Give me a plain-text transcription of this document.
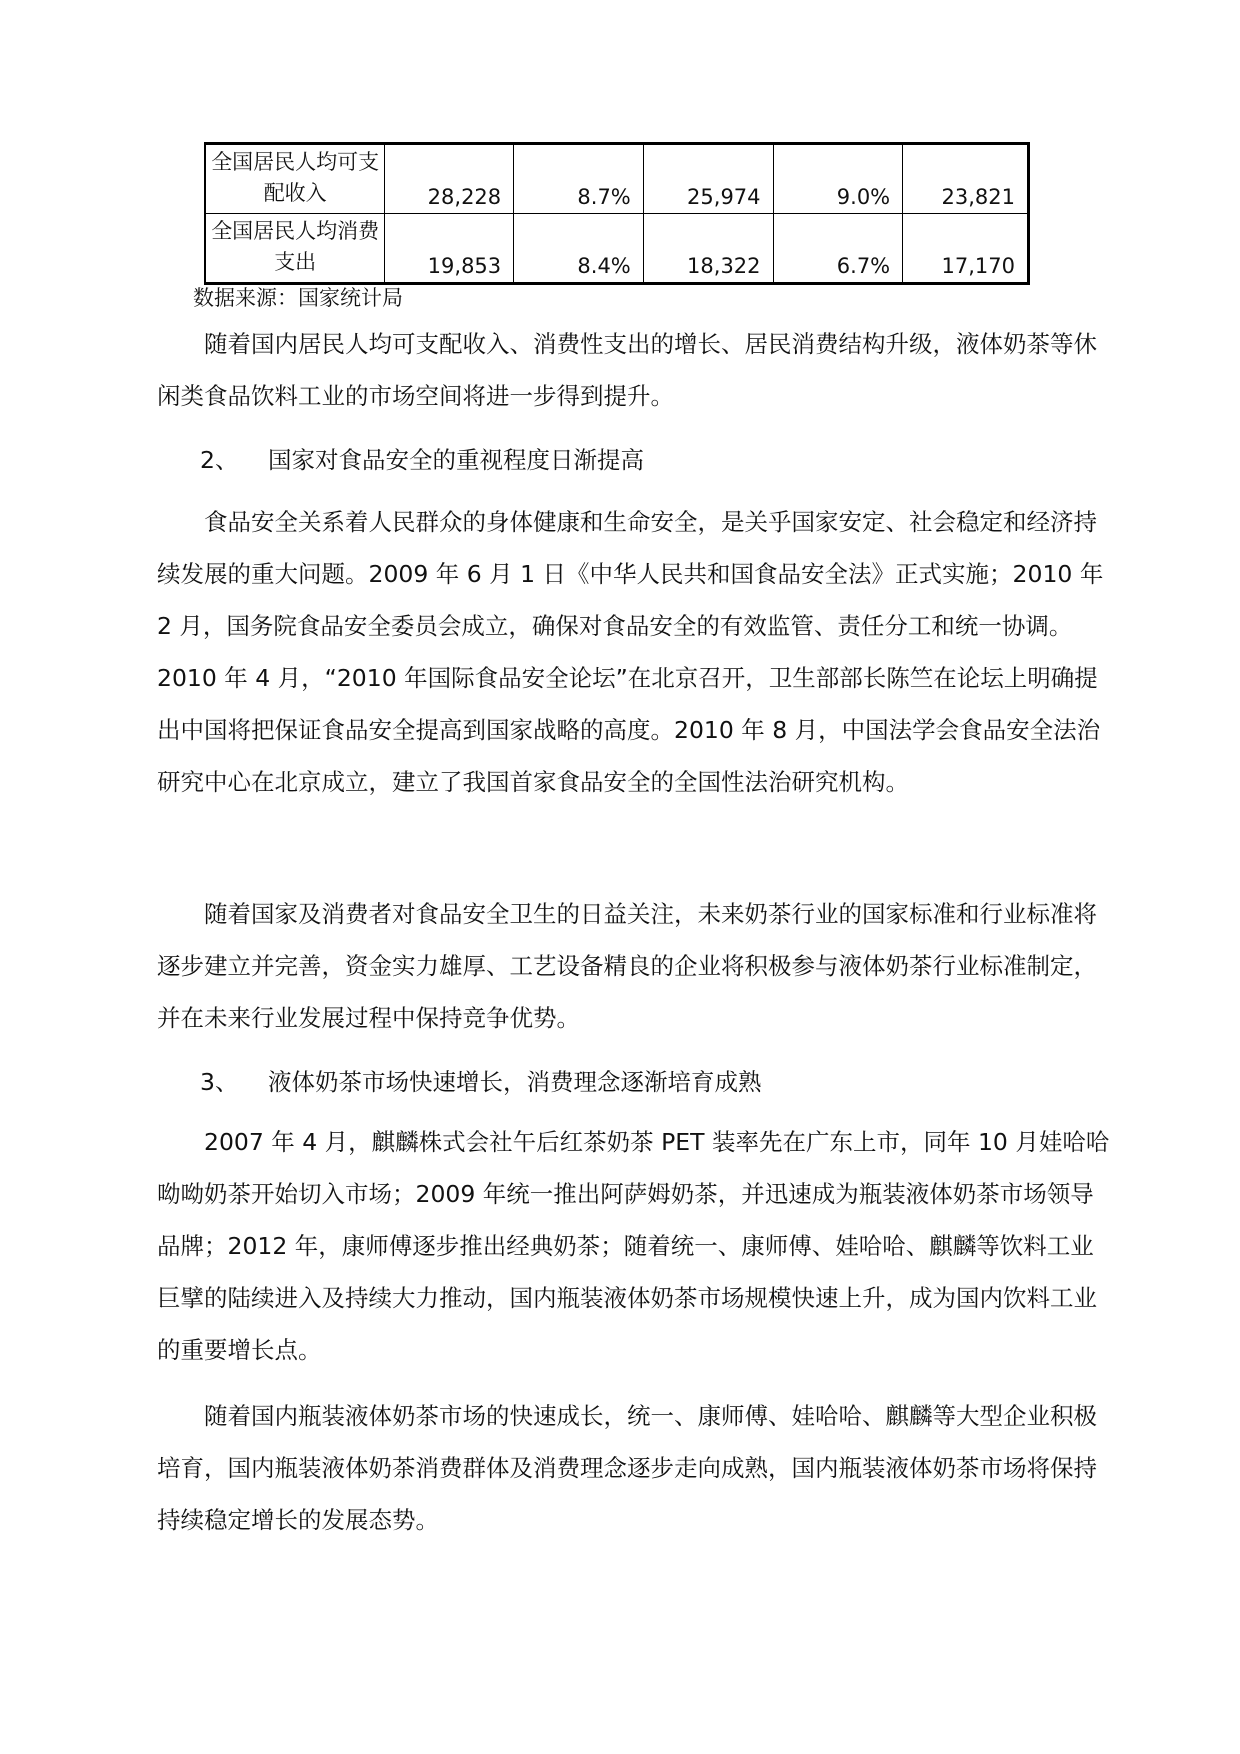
全国居民人均可支配收入	28,228	8.7%	25,974	9.0%	23,821
全国居民人均消费支出	19,853	8.4%	18,322	6.7%	17,170
数据来源：国家统计局

随着国内居民人均可支配收入、消费性支出的增长、居民消费结构升级，液体奶茶等休闲类食品饮料工业的市场空间将进一步得到提升。

2、 国家对食品安全的重视程度日渐提高

食品安全关系着人民群众的身体健康和生命安全，是关乎国家安定、社会稳定和经济持续发展的重大问题。2009 年 6 月 1 日《中华人民共和国食品安全法》正式实施；2010 年 2 月，国务院食品安全委员会成立，确保对食品安全的有效监管、责任分工和统一协调。2010 年 4 月，“2010 年国际食品安全论坛”在北京召开，卫生部部长陈竺在论坛上明确提出中国将把保证食品安全提高到国家战略的高度。2010 年 8 月，中国法学会食品安全法治研究中心在北京成立，建立了我国首家食品安全的全国性法治研究机构。

随着国家及消费者对食品安全卫生的日益关注，未来奶茶行业的国家标准和行业标准将逐步建立并完善，资金实力雄厚、工艺设备精良的企业将积极参与液体奶茶行业标准制定，并在未来行业发展过程中保持竞争优势。

3、 液体奶茶市场快速增长，消费理念逐渐培育成熟

2007 年 4 月，麒麟株式会社午后红茶奶茶 PET 装率先在广东上市，同年 10 月娃哈哈呦呦奶茶开始切入市场；2009 年统一推出阿萨姆奶茶，并迅速成为瓶装液体奶茶市场领导品牌；2012 年，康师傅逐步推出经典奶茶；随着统一、康师傅、娃哈哈、麒麟等饮料工业巨擘的陆续进入及持续大力推动，国内瓶装液体奶茶市场规模快速上升，成为国内饮料工业的重要增长点。

随着国内瓶装液体奶茶市场的快速成长，统一、康师傅、娃哈哈、麒麟等大型企业积极培育，国内瓶装液体奶茶消费群体及消费理念逐步走向成熟，国内瓶装液体奶茶市场将保持持续稳定增长的发展态势。
